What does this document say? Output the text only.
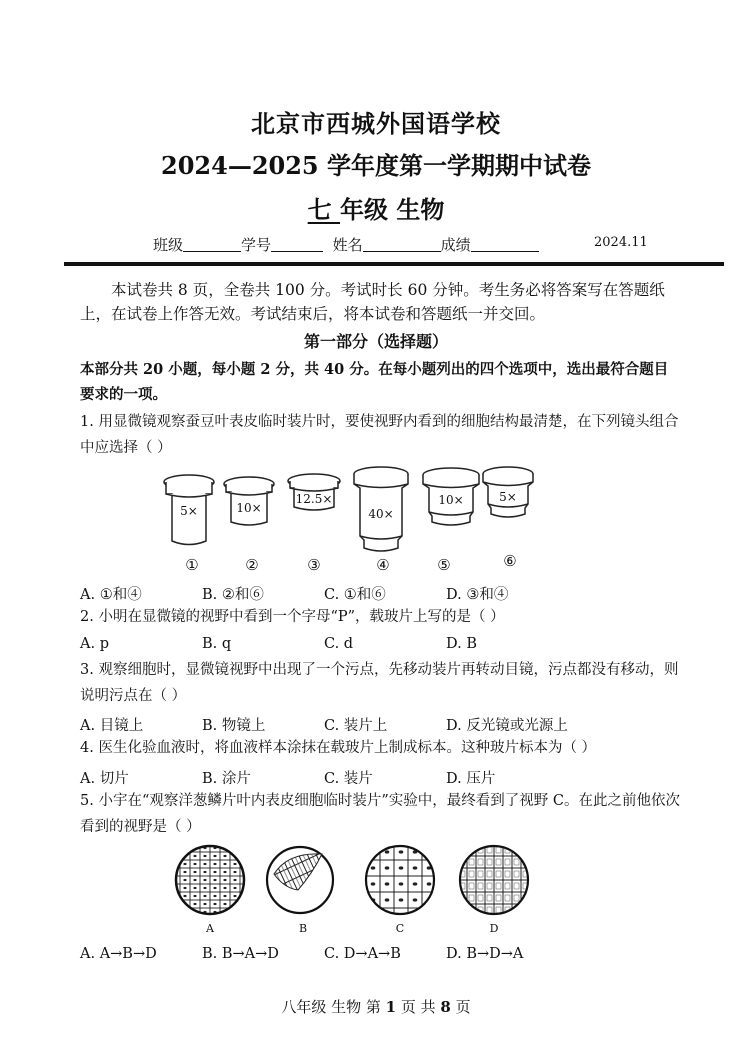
北京市西城外国语学校
2024—2025 学年度第一学期期中试卷
七 年级 生物
班级	学号	姓名	成绩	2024.11
本试卷共 8 页，全卷共 100 分。考试时长 60 分钟。考生务必将答案写在答题纸上，在试卷上作答无效。考试结束后，将本试卷和答题纸一并交回。
第一部分（选择题）
本部分共 20 小题，每小题 2 分，共 40 分。在每小题列出的四个选项中，选出最符合题目要求的一项。
1. 用显微镜观察蚕豆叶表皮临时装片时，要使视野内看到的细胞结构最清楚，在下列镜头组合中应选择（ ）
5×	10×
12.5×
40×
10×	5×
①	②	③	④	⑤	⑥
A. ①和④	B. ②和⑥	C. ①和⑥	D. ③和④
2. 小明在显微镜的视野中看到一个字母“P”，载玻片上写的是（ ）
A. p	B. q	C. d	D. B
3. 观察细胞时，显微镜视野中出现了一个污点，先移动装片再转动目镜，污点都没有移动，则说明污点在（ ）
A. 目镜上	B. 物镜上	C. 装片上	D. 反光镜或光源上
4. 医生化验血液时，将血液样本涂抹在载玻片上制成标本。这种玻片标本为（ ）
A. 切片	B. 涂片	C. 装片	D. 压片
5. 小宇在“观察洋葱鳞片叶内表皮细胞临时装片”实验中，最终看到了视野 C。在此之前他依次看到的视野是（ ）
A	B	C	D
A. A→B→D	B. B→A→D	C. D→A→B	D. B→D→A
八年级 生物 第 1 页 共 8 页
